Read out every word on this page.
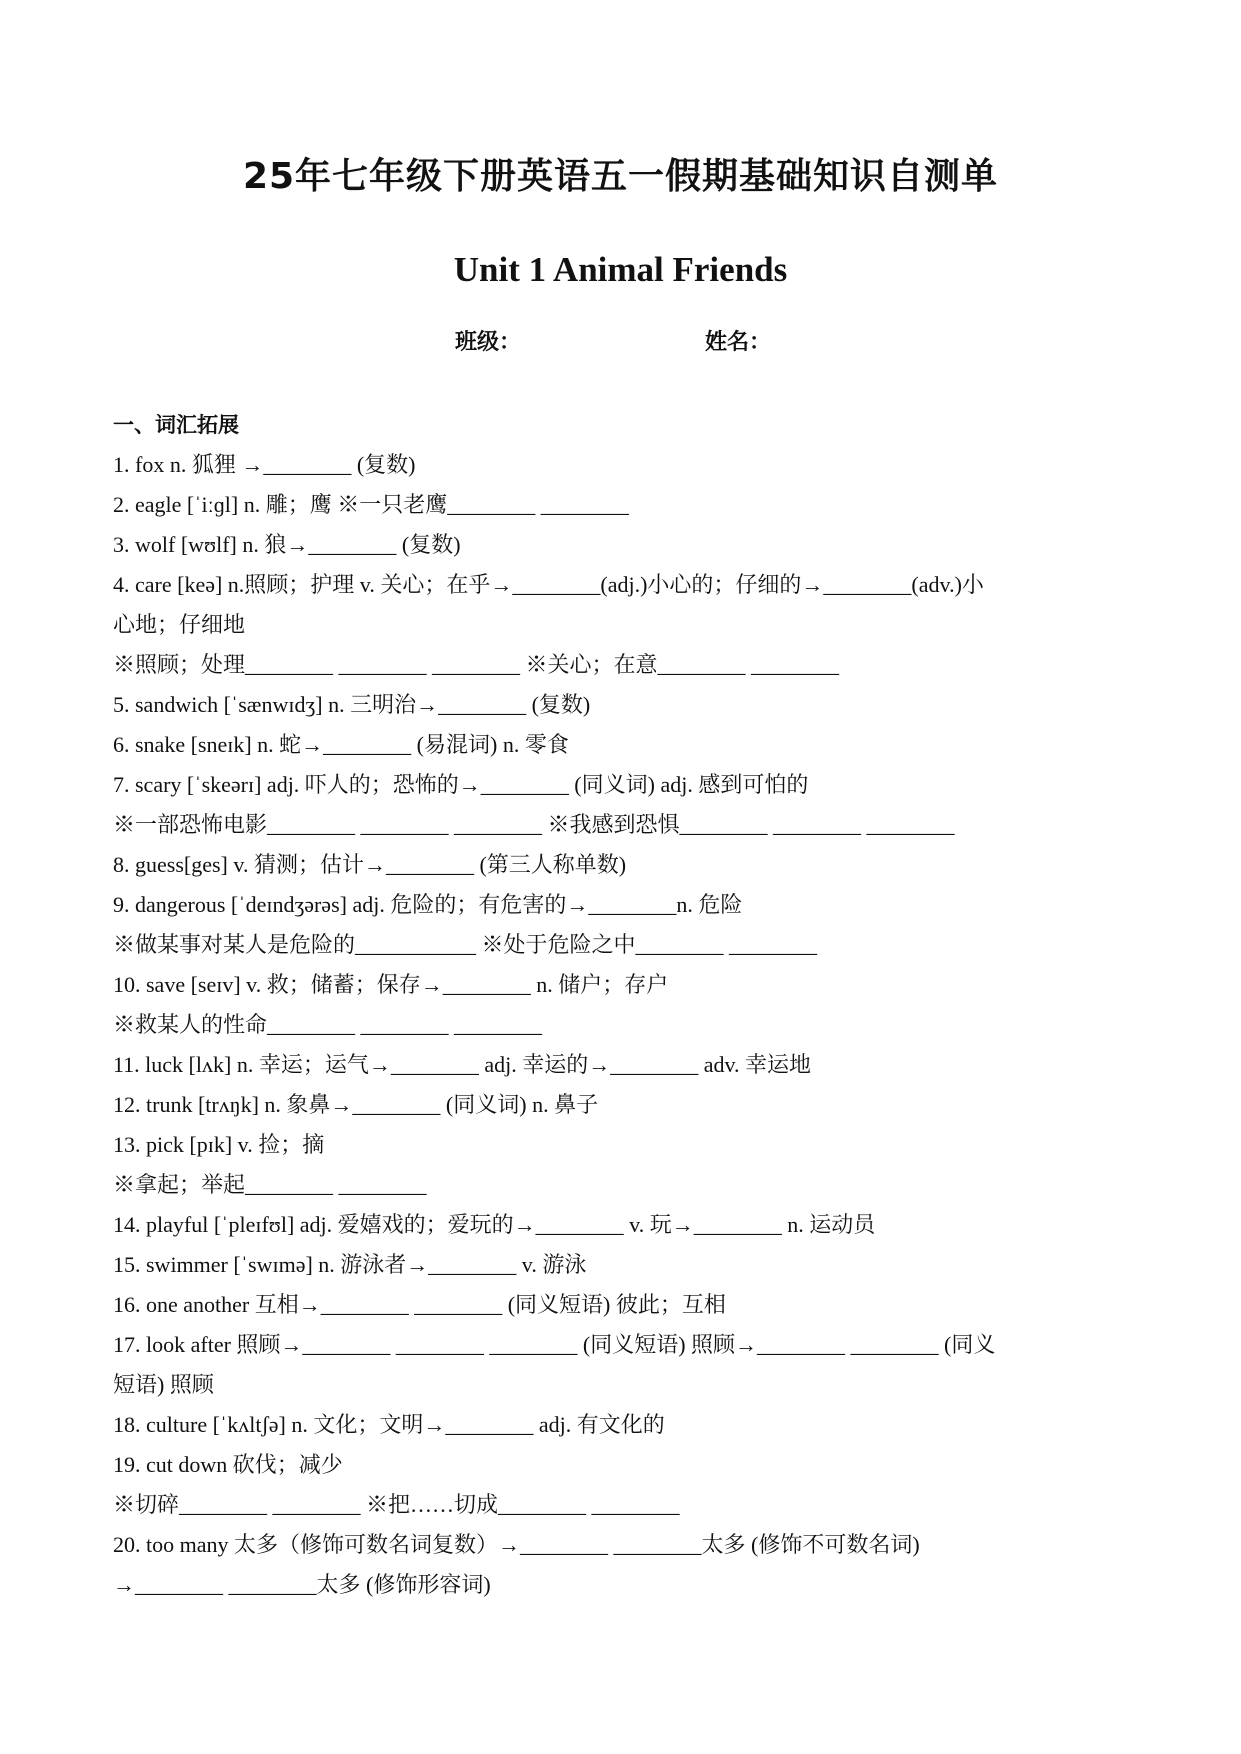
25年七年级下册英语五一假期基础知识自测单
Unit 1 Animal Friends
班级：	姓名：
一、词汇拓展
1. fox n. 狐狸 →________ (复数)
2. eagle [ˈiːɡl] n. 雕；鹰 ※一只老鹰________ ________
3. wolf [wʊlf] n. 狼→________ (复数)
4. care [keə] n.照顾；护理 v. 关心；在乎→________(adj.)小心的；仔细的→________(adv.)小
心地；仔细地
※照顾；处理________ ________ ________ ※关心；在意________ ________
5. sandwich [ˈsænwɪdʒ] n. 三明治→________ (复数)
6. snake [sneɪk] n. 蛇→________ (易混词) n. 零食
7. scary [ˈskeərɪ] adj. 吓人的；恐怖的→________ (同义词) adj. 感到可怕的
※一部恐怖电影________ ________ ________ ※我感到恐惧________ ________ ________
8. guess[ges] v. 猜测；估计→________ (第三人称单数)
9. dangerous [ˈdeɪndʒərəs] adj. 危险的；有危害的→________n. 危险
※做某事对某人是危险的___________ ※处于危险之中________ ________
10. save [seɪv] v. 救；储蓄；保存→________ n. 储户；存户
※救某人的性命________ ________ ________
11. luck [lʌk] n. 幸运；运气→________ adj. 幸运的→________ adv. 幸运地
12. trunk [trʌŋk] n. 象鼻→________ (同义词) n. 鼻子
13. pick [pɪk] v. 捡；摘
※拿起；举起________ ________
14. playful [ˈpleɪfʊl] adj. 爱嬉戏的；爱玩的→________ v. 玩→________ n. 运动员
15. swimmer [ˈswɪmə] n. 游泳者→________ v. 游泳
16. one another 互相→________ ________ (同义短语) 彼此；互相
17. look after 照顾→________ ________ ________ (同义短语) 照顾→________ ________ (同义
短语) 照顾
18. culture [ˈkʌltʃə] n. 文化；文明→________ adj. 有文化的
19. cut down 砍伐；减少
※切碎________ ________ ※把……切成________ ________
20. too many 太多（修饰可数名词复数）→________ ________太多 (修饰不可数名词)
→________ ________太多 (修饰形容词)
